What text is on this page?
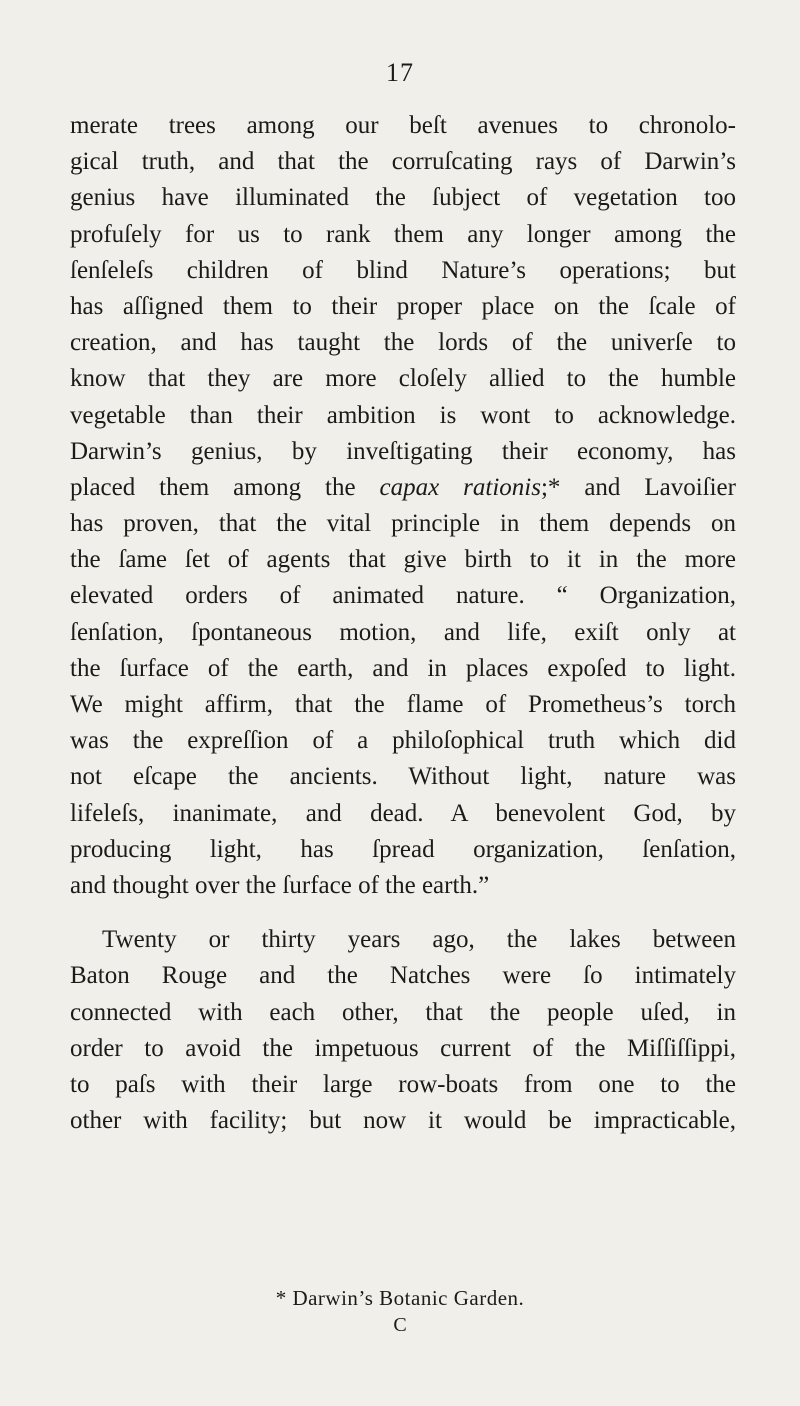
17
merate trees among our beſt avenues to chronolo-
gical truth, and that the corruſcating rays of Darwin’s
genius have illuminated the ſubject of vegetation too
profuſely for us to rank them any longer among the
ſenſeleſs children of blind Nature’s operations; but
has aſſigned them to their proper place on the ſcale of
creation, and has taught the lords of the univerſe to
know that they are more cloſely allied to the humble
vegetable than their ambition is wont to acknowledge.
Darwin’s genius, by inveſtigating their economy, has
placed them among the capax rationis;* and Lavoiſier
has proven, that the vital principle in them depends on
the ſame ſet of agents that give birth to it in the more
elevated orders of animated nature. “ Organization,
ſenſation, ſpontaneous motion, and life, exiſt only at
the ſurface of the earth, and in places expoſed to light.
We might affirm, that the flame of Prometheus’s torch
was the expreſſion of a philoſophical truth which did
not eſcape the ancients. Without light, nature was
lifeleſs, inanimate, and dead. A benevolent God, by
producing light, has ſpread organization, ſenſation,
and thought over the ſurface of the earth.”
Twenty or thirty years ago, the lakes between
Baton Rouge and the Natches were ſo intimately
connected with each other, that the people uſed, in
order to avoid the impetuous current of the Miſſiſſippi,
to paſs with their large row-boats from one to the
other with facility; but now it would be impracticable,
* Darwin’s Botanic Garden.
C
